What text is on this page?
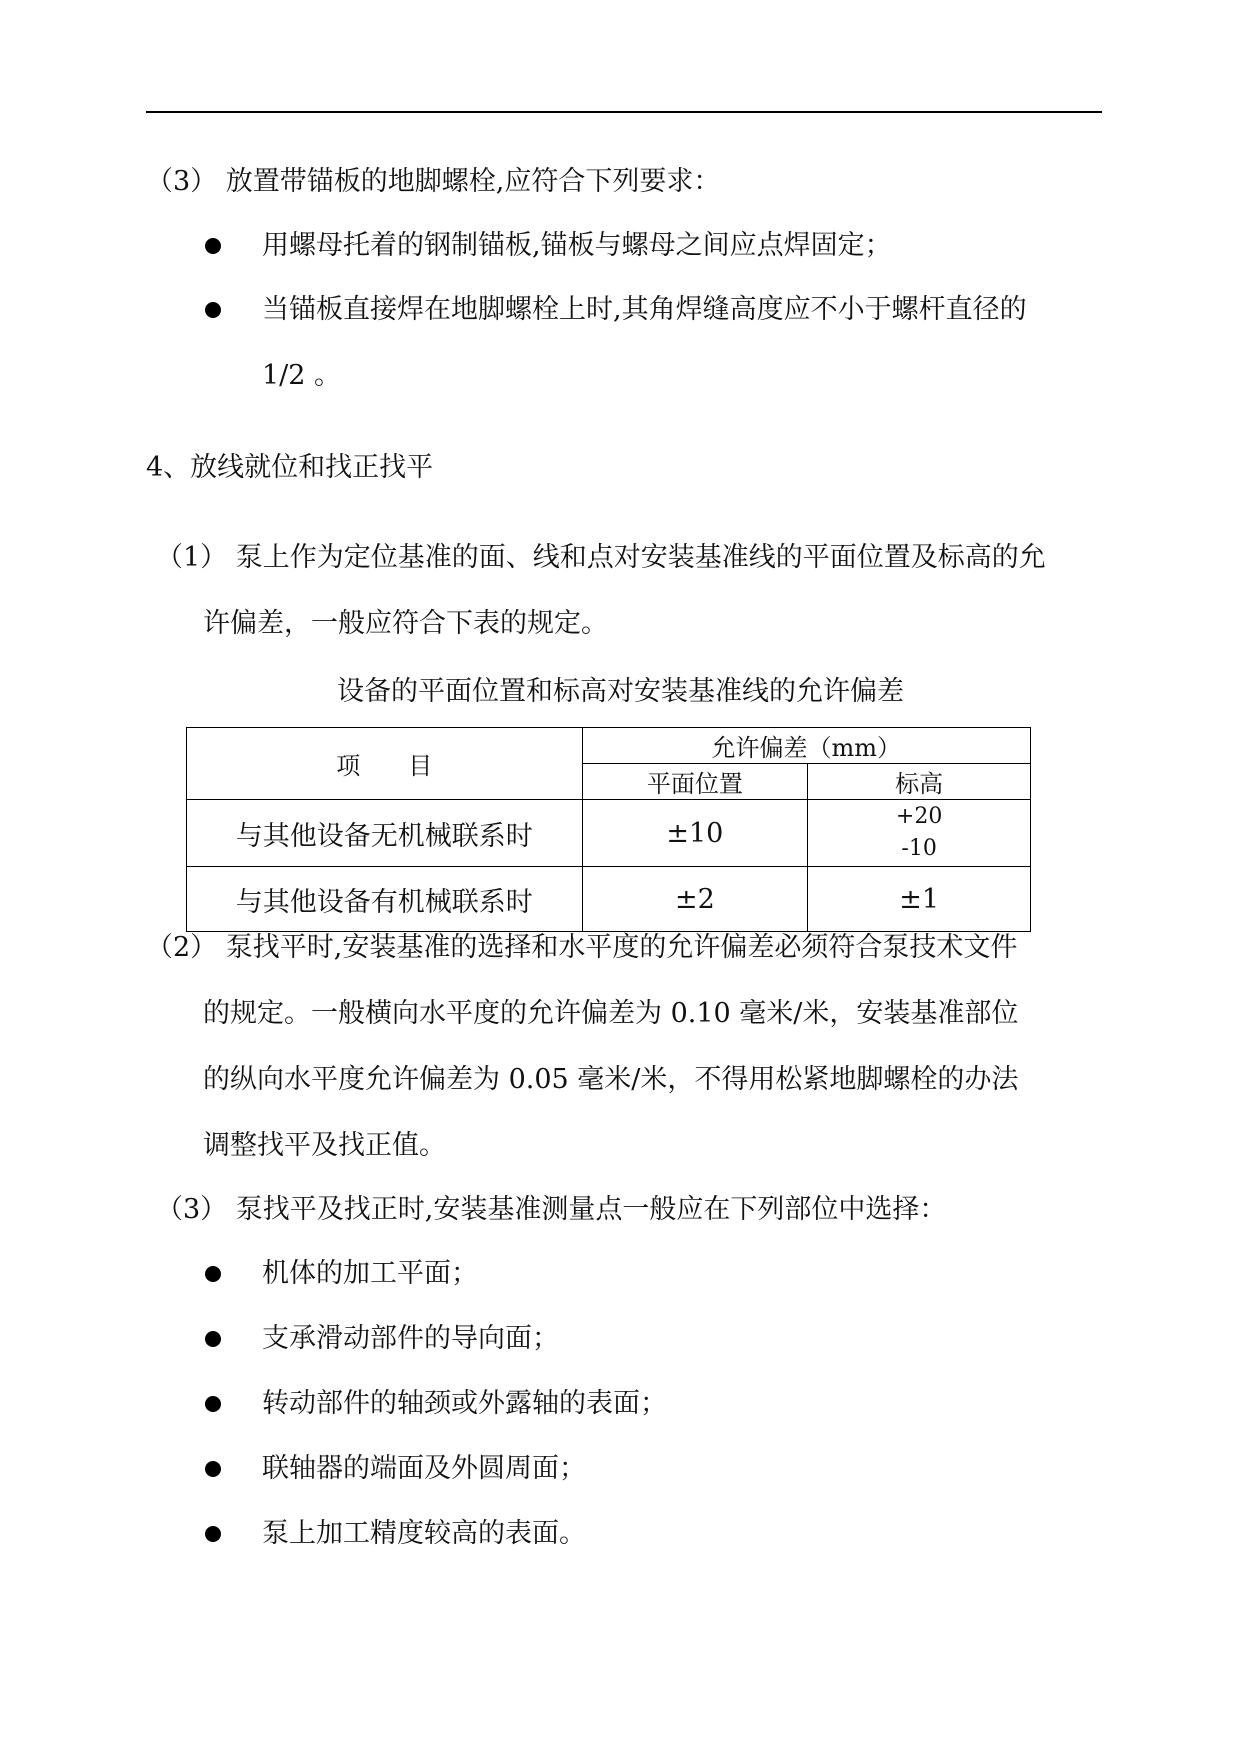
（3） 放置带锚板的地脚螺栓,应符合下列要求：
用螺母托着的钢制锚板,锚板与螺母之间应点焊固定；
当锚板直接焊在地脚螺栓上时,其角焊缝高度应不小于螺杆直径的
1/2 。
4、放线就位和找正找平
（1） 泵上作为定位基准的面、线和点对安装基准线的平面位置及标高的允
许偏差，一般应符合下表的规定。
设备的平面位置和标高对安装基准线的允许偏差
项　　目	允许偏差（mm）	
	平面位置	标高
与其他设备无机械联系时	±10	+20
-10

与其他设备有机械联系时	±2	±1
（2） 泵找平时,安装基准的选择和水平度的允许偏差必须符合泵技术文件
的规定。一般横向水平度的允许偏差为 0.10 毫米/米，安装基准部位
的纵向水平度允许偏差为 0.05 毫米/米，不得用松紧地脚螺栓的办法
调整找平及找正值。
（3） 泵找平及找正时,安装基准测量点一般应在下列部位中选择：
机体的加工平面；
支承滑动部件的导向面；
转动部件的轴颈或外露轴的表面；
联轴器的端面及外圆周面；
泵上加工精度较高的表面。
